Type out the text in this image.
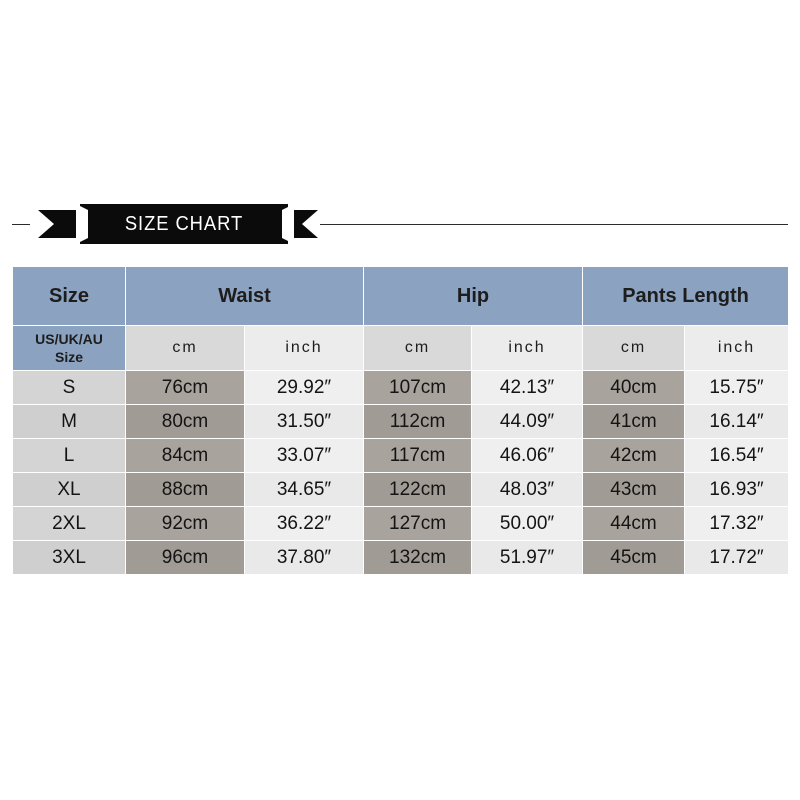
SIZE CHART
Size	Waist		Hip		Pants Length	
US/UK/AU
Size	cm	inch	cm	inch	cm	inch
S	76cm	29.92″	107cm	42.13″	40cm	15.75″
M	80cm	31.50″	112cm	44.09″	41cm	16.14″
L	84cm	33.07″	117cm	46.06″	42cm	16.54″
XL	88cm	34.65″	122cm	48.03″	43cm	16.93″
2XL	92cm	36.22″	127cm	50.00″	44cm	17.32″
3XL	96cm	37.80″	132cm	51.97″	45cm	17.72″
